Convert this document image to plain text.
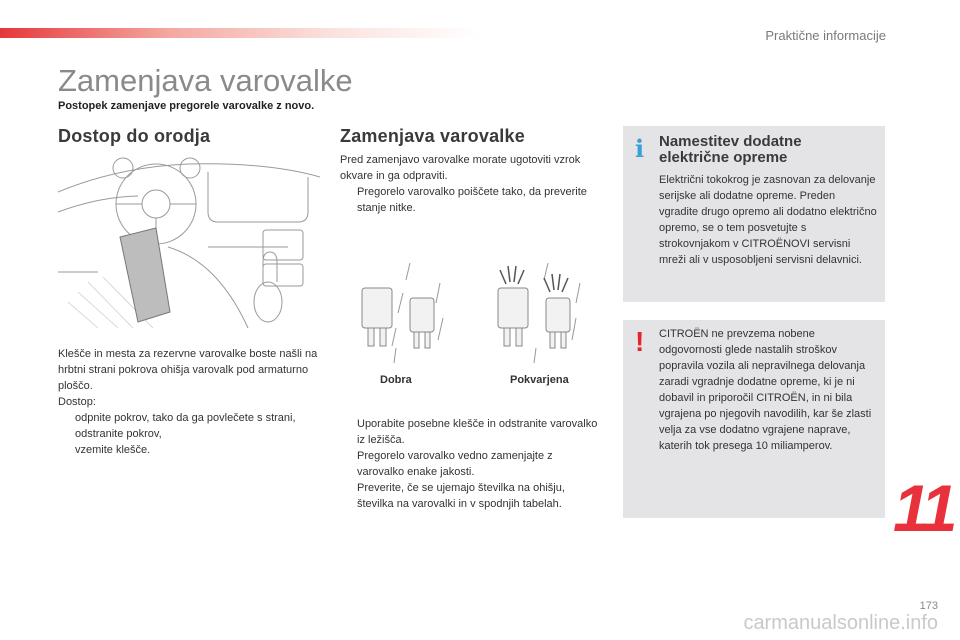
Praktične informacije
Zamenjava varovalke
Postopek zamenjave pregorele varovalke z novo.
Dostop do orodja

Klešče in mesta za rezervne varovalke boste našli na hrbtni strani pokrova ohišja varovalk pod armaturno ploščo.

Dostop:

odpnite pokrov, tako da ga povlečete s strani,
odstranite pokrov,
vzemite klešče.
Zamenjava varovalke

Pred zamenjavo varovalke morate ugotoviti vzrok okvare in ga odpraviti.

Pregorelo varovalko poiščete tako, da preverite stanje nitke.
Dobra	Pokvarjena
Uporabite posebne klešče in odstranite varovalko iz ležišča.
Pregorelo varovalko vedno zamenjajte z varovalko enake jakosti.
Preverite, če se ujemajo številka na ohišju, številka na varovalki in v spodnjih tabelah.
i Namestitev dodatne električne opreme
Električni tokokrog je zasnovan za delovanje serijske ali dodatne opreme. Preden vgradite drugo opremo ali dodatno električno opremo, se o tem posvetujte s strokovnjakom v CITROËNOVI servisni mreži ali v usposobljeni servisni delavnici.
! CITROËN ne prevzema nobene odgovornosti glede nastalih stroškov popravila vozila ali nepravilnega delovanja zaradi vgradnje dodatne opreme, ki je ni dobavil in priporočil CITROËN, in ni bila vgrajena po njegovih navodilih, kar še zlasti velja za vse dodatno vgrajene naprave, katerih tok presega 10 miliamperov.
11
carmanualsonline.info
173
